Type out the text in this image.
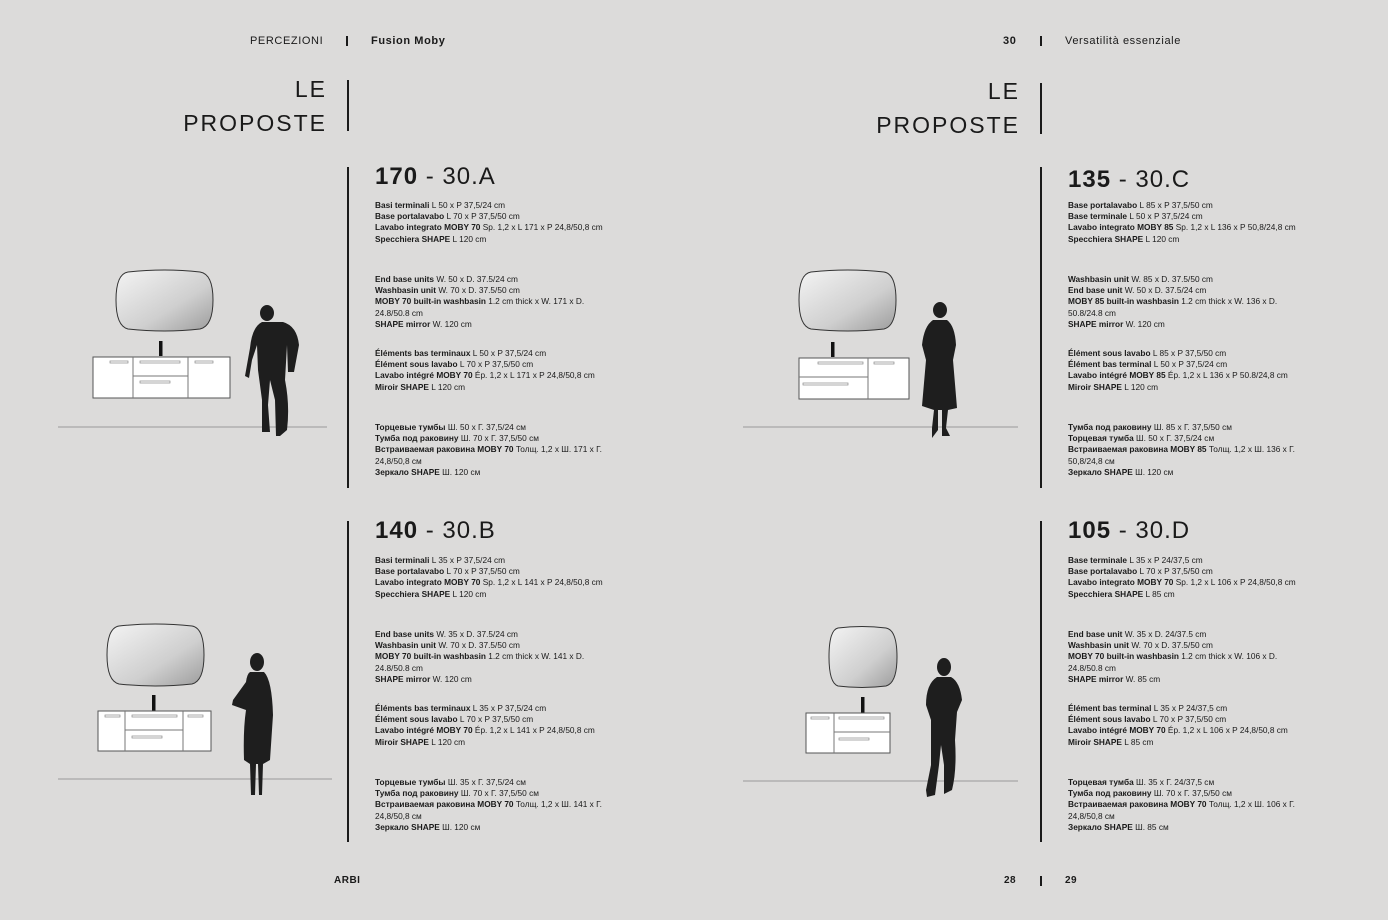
PERCEZIONI	Fusion Moby	30	Versatilità essenziale
LE
PROPOSTE
LE
PROPOSTE
170 - 30.A
Basi terminali L 50 x P 37,5/24 cm
Base portalavabo L 70 x P 37,5/50 cm
Lavabo integrato MOBY 70 Sp. 1,2 x L 171 x P 24,8/50,8 cm
Specchiera SHAPE L 120 cm
End base units W. 50 x D. 37.5/24 cm
Washbasin unit W. 70 x D. 37.5/50 cm
MOBY 70 built-in washbasin 1.2 cm thick x W. 171 x D.
24.8/50.8 cm
SHAPE mirror W. 120 cm
Éléments bas terminaux L 50 x P 37,5/24 cm
Élément sous lavabo L 70 x P 37,5/50 cm
Lavabo intégré MOBY 70 Ép. 1,2 x L 171 x P 24,8/50,8 cm
Miroir SHAPE L 120 cm
Торцевые тумбы Ш. 50 x Г. 37,5/24 см
Тумба под раковину Ш. 70 x Г. 37,5/50 см
Встраиваемая раковина MOBY 70 Толщ. 1,2 x Ш. 171 x Г.
24,8/50,8 см
Зеркало SHAPE Ш. 120 см
140 - 30.B
Basi terminali L 35 x P 37,5/24 cm
Base portalavabo L 70 x P 37,5/50 cm
Lavabo integrato MOBY 70 Sp. 1,2 x L 141 x P 24,8/50,8 cm
Specchiera SHAPE L 120 cm
End base units W. 35 x D. 37.5/24 cm
Washbasin unit W. 70 x D. 37.5/50 cm
MOBY 70 built-in washbasin 1.2 cm thick x W. 141 x D.
24.8/50.8 cm
SHAPE mirror W. 120 cm
Éléments bas terminaux L 35 x P 37,5/24 cm
Élément sous lavabo L 70 x P 37,5/50 cm
Lavabo intégré MOBY 70 Ép. 1,2 x L 141 x P 24,8/50,8 cm
Miroir SHAPE L 120 cm
Торцевые тумбы Ш. 35 x Г. 37,5/24 см
Тумба под раковину Ш. 70 x Г. 37,5/50 см
Встраиваемая раковина MOBY 70 Толщ. 1,2 x Ш. 141 x Г.
24,8/50,8 см
Зеркало SHAPE Ш. 120 см
135 - 30.C
Base portalavabo L 85 x P 37,5/50 cm
Base terminale L 50 x P 37,5/24 cm
Lavabo integrato MOBY 85 Sp. 1,2 x L 136 x P 50,8/24,8 cm
Specchiera SHAPE L 120 cm
Washbasin unit W. 85 x D. 37.5/50 cm
End base unit W. 50 x D. 37.5/24 cm
MOBY 85 built-in washbasin 1.2 cm thick x W. 136 x D.
50.8/24.8 cm
SHAPE mirror W. 120 cm
Élément sous lavabo L 85 x P 37,5/50 cm
Élément bas terminal L 50 x P 37,5/24 cm
Lavabo intégré MOBY 85 Ép. 1,2 x L 136 x P 50.8/24,8 cm
Miroir SHAPE L 120 cm
Тумба под раковину Ш. 85 x Г. 37,5/50 см
Торцевая тумба Ш. 50 x Г. 37,5/24 см
Встраиваемая раковина MOBY 85 Толщ. 1,2 x Ш. 136 x Г.
50,8/24,8 см
Зеркало SHAPE Ш. 120 см
105 - 30.D
Base terminale L 35 x P 24/37,5 cm
Base portalavabo L 70 x P 37,5/50 cm
Lavabo integrato MOBY 70 Sp. 1,2 x L 106 x P 24,8/50,8 cm
Specchiera SHAPE L 85 cm
End base unit W. 35 x D. 24/37.5 cm
Washbasin unit W. 70 x D. 37.5/50 cm
MOBY 70 built-in washbasin 1.2 cm thick x W. 106 x D.
24.8/50.8 cm
SHAPE mirror W. 85 cm
Élément bas terminal L 35 x P 24/37,5 cm
Élément sous lavabo L 70 x P 37,5/50 cm
Lavabo intégré MOBY 70 Ép. 1,2 x L 106 x P 24,8/50,8 cm
Miroir SHAPE L 85 cm
Торцевая тумба Ш. 35 x Г. 24/37,5 см
Тумба под раковину Ш. 70 x Г. 37,5/50 см
Встраиваемая раковина MOBY 70 Толщ. 1,2 x Ш. 106 x Г.
24,8/50,8 см
Зеркало SHAPE Ш. 85 см
ARBI	28	29
